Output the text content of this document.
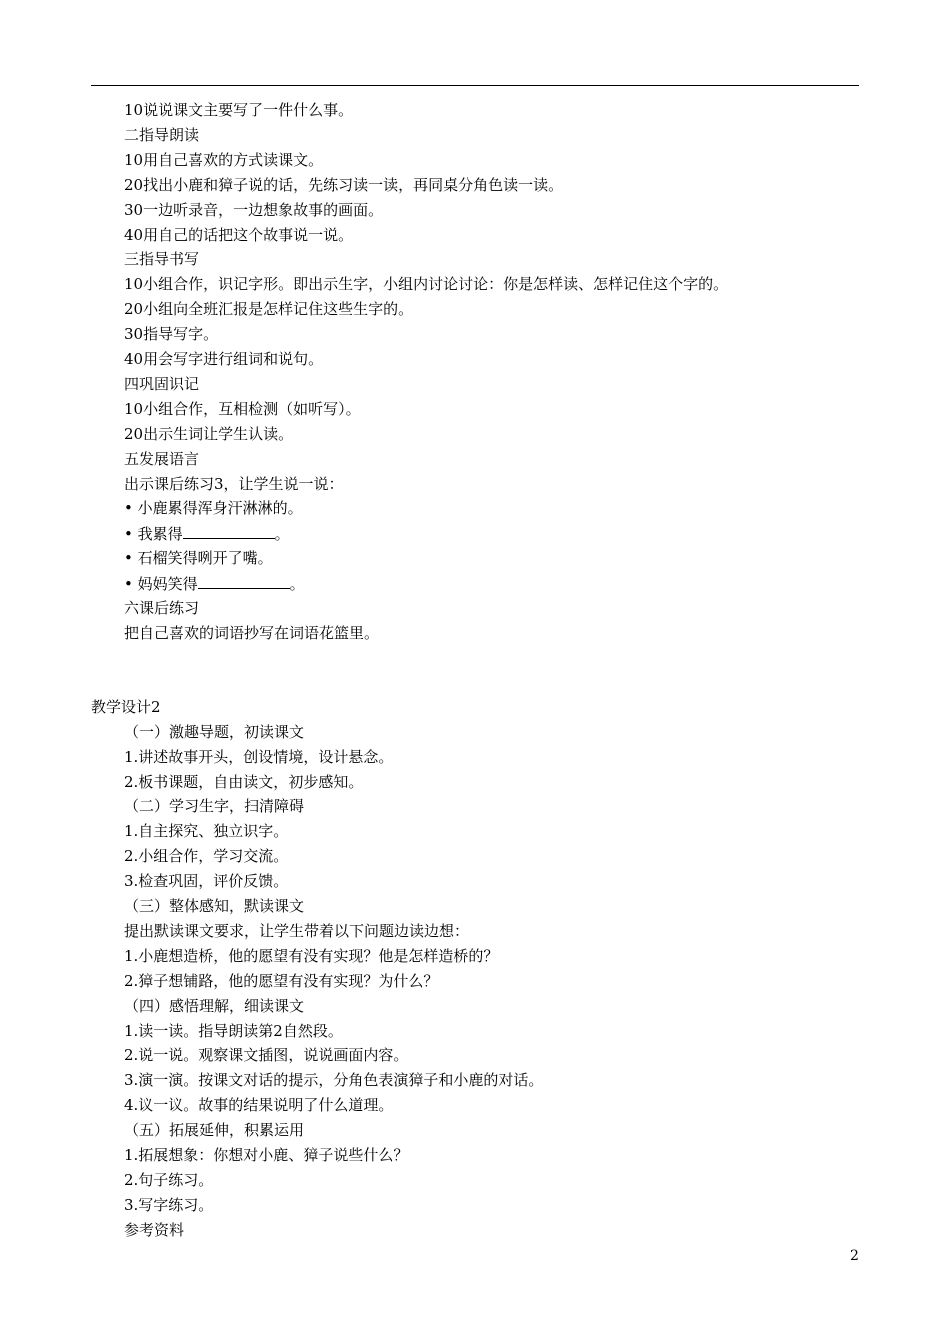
10说说课文主要写了一件什么事。
二指导朗读
10用自己喜欢的方式读课文。
20找出小鹿和獐子说的话，先练习读一读，再同桌分角色读一读。
30一边听录音，一边想象故事的画面。
40用自己的话把这个故事说一说。
三指导书写
10小组合作，识记字形。即出示生字，小组内讨论讨论：你是怎样读、怎样记住这个字的。
20小组向全班汇报是怎样记住这些生字的。
30指导写字。
40用会写字进行组词和说句。
四巩固识记
10小组合作，互相检测（如听写）。
20出示生词让学生认读。
五发展语言
出示课后练习3，让学生说一说：
• 小鹿累得浑身汗淋淋的。
• 我累得	。
• 石榴笑得咧开了嘴。
• 妈妈笑得	。
六课后练习
把自己喜欢的词语抄写在词语花篮里。
教学设计2
（一）激趣导题，初读课文
1.讲述故事开头，创设情境，设计悬念。
2.板书课题，自由读文，初步感知。
（二）学习生字，扫清障碍
1.自主探究、独立识字。
2.小组合作，学习交流。
3.检查巩固，评价反馈。
（三）整体感知，默读课文
提出默读课文要求，让学生带着以下问题边读边想：
1.小鹿想造桥，他的愿望有没有实现？他是怎样造桥的？
2.獐子想铺路，他的愿望有没有实现？为什么？
（四）感悟理解，细读课文
1.读一读。指导朗读第2自然段。
2.说一说。观察课文插图，说说画面内容。
3.演一演。按课文对话的提示，分角色表演獐子和小鹿的对话。
4.议一议。故事的结果说明了什么道理。
（五）拓展延伸，积累运用
1.拓展想象：你想对小鹿、獐子说些什么？
2.句子练习。
3.写字练习。
参考资料
2
